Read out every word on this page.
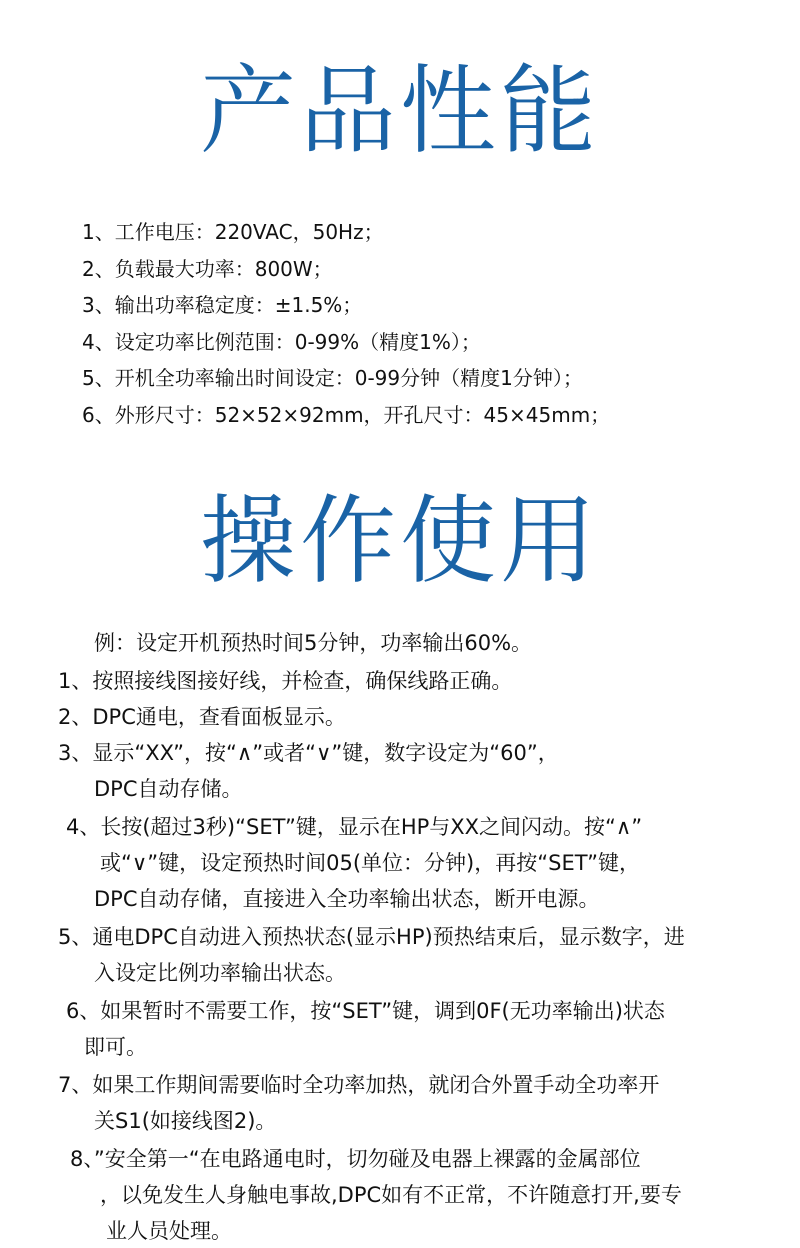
产品性能
1、工作电压：220VAC，50Hz；
2、负载最大功率：800W；
3、输出功率稳定度：±1.5%；
4、设定功率比例范围：0-99%（精度1%）；
5、开机全功率输出时间设定：0-99分钟（精度1分钟）；
6、外形尺寸：52×52×92mm，开孔尺寸：45×45mm；
操作使用
例：设定开机预热时间5分钟，功率输出60%。
1、按照接线图接好线，并检查，确保线路正确。
2、DPC通电，查看面板显示。
3、显示“XX”，按“∧”或者“∨”键，数字设定为“60”，
DPC自动存储。
4、长按(超过3秒)“SET”键，显示在HP与XX之间闪动。按“∧”
或“∨”键，设定预热时间05(单位：分钟)，再按“SET”键，
DPC自动存储，直接进入全功率输出状态，断开电源。
5、通电DPC自动进入预热状态(显示HP)预热结束后，显示数字，进
入设定比例功率输出状态。
6、如果暂时不需要工作，按“SET”键，调到0F(无功率输出)状态
即可。
7、如果工作期间需要临时全功率加热，就闭合外置手动全功率开
关S1(如接线图2)。
8、”安全第一“在电路通电时，切勿碰及电器上裸露的金属部位
，以免发生人身触电事故,DPC如有不正常，不许随意打开,要专
业人员处理。
